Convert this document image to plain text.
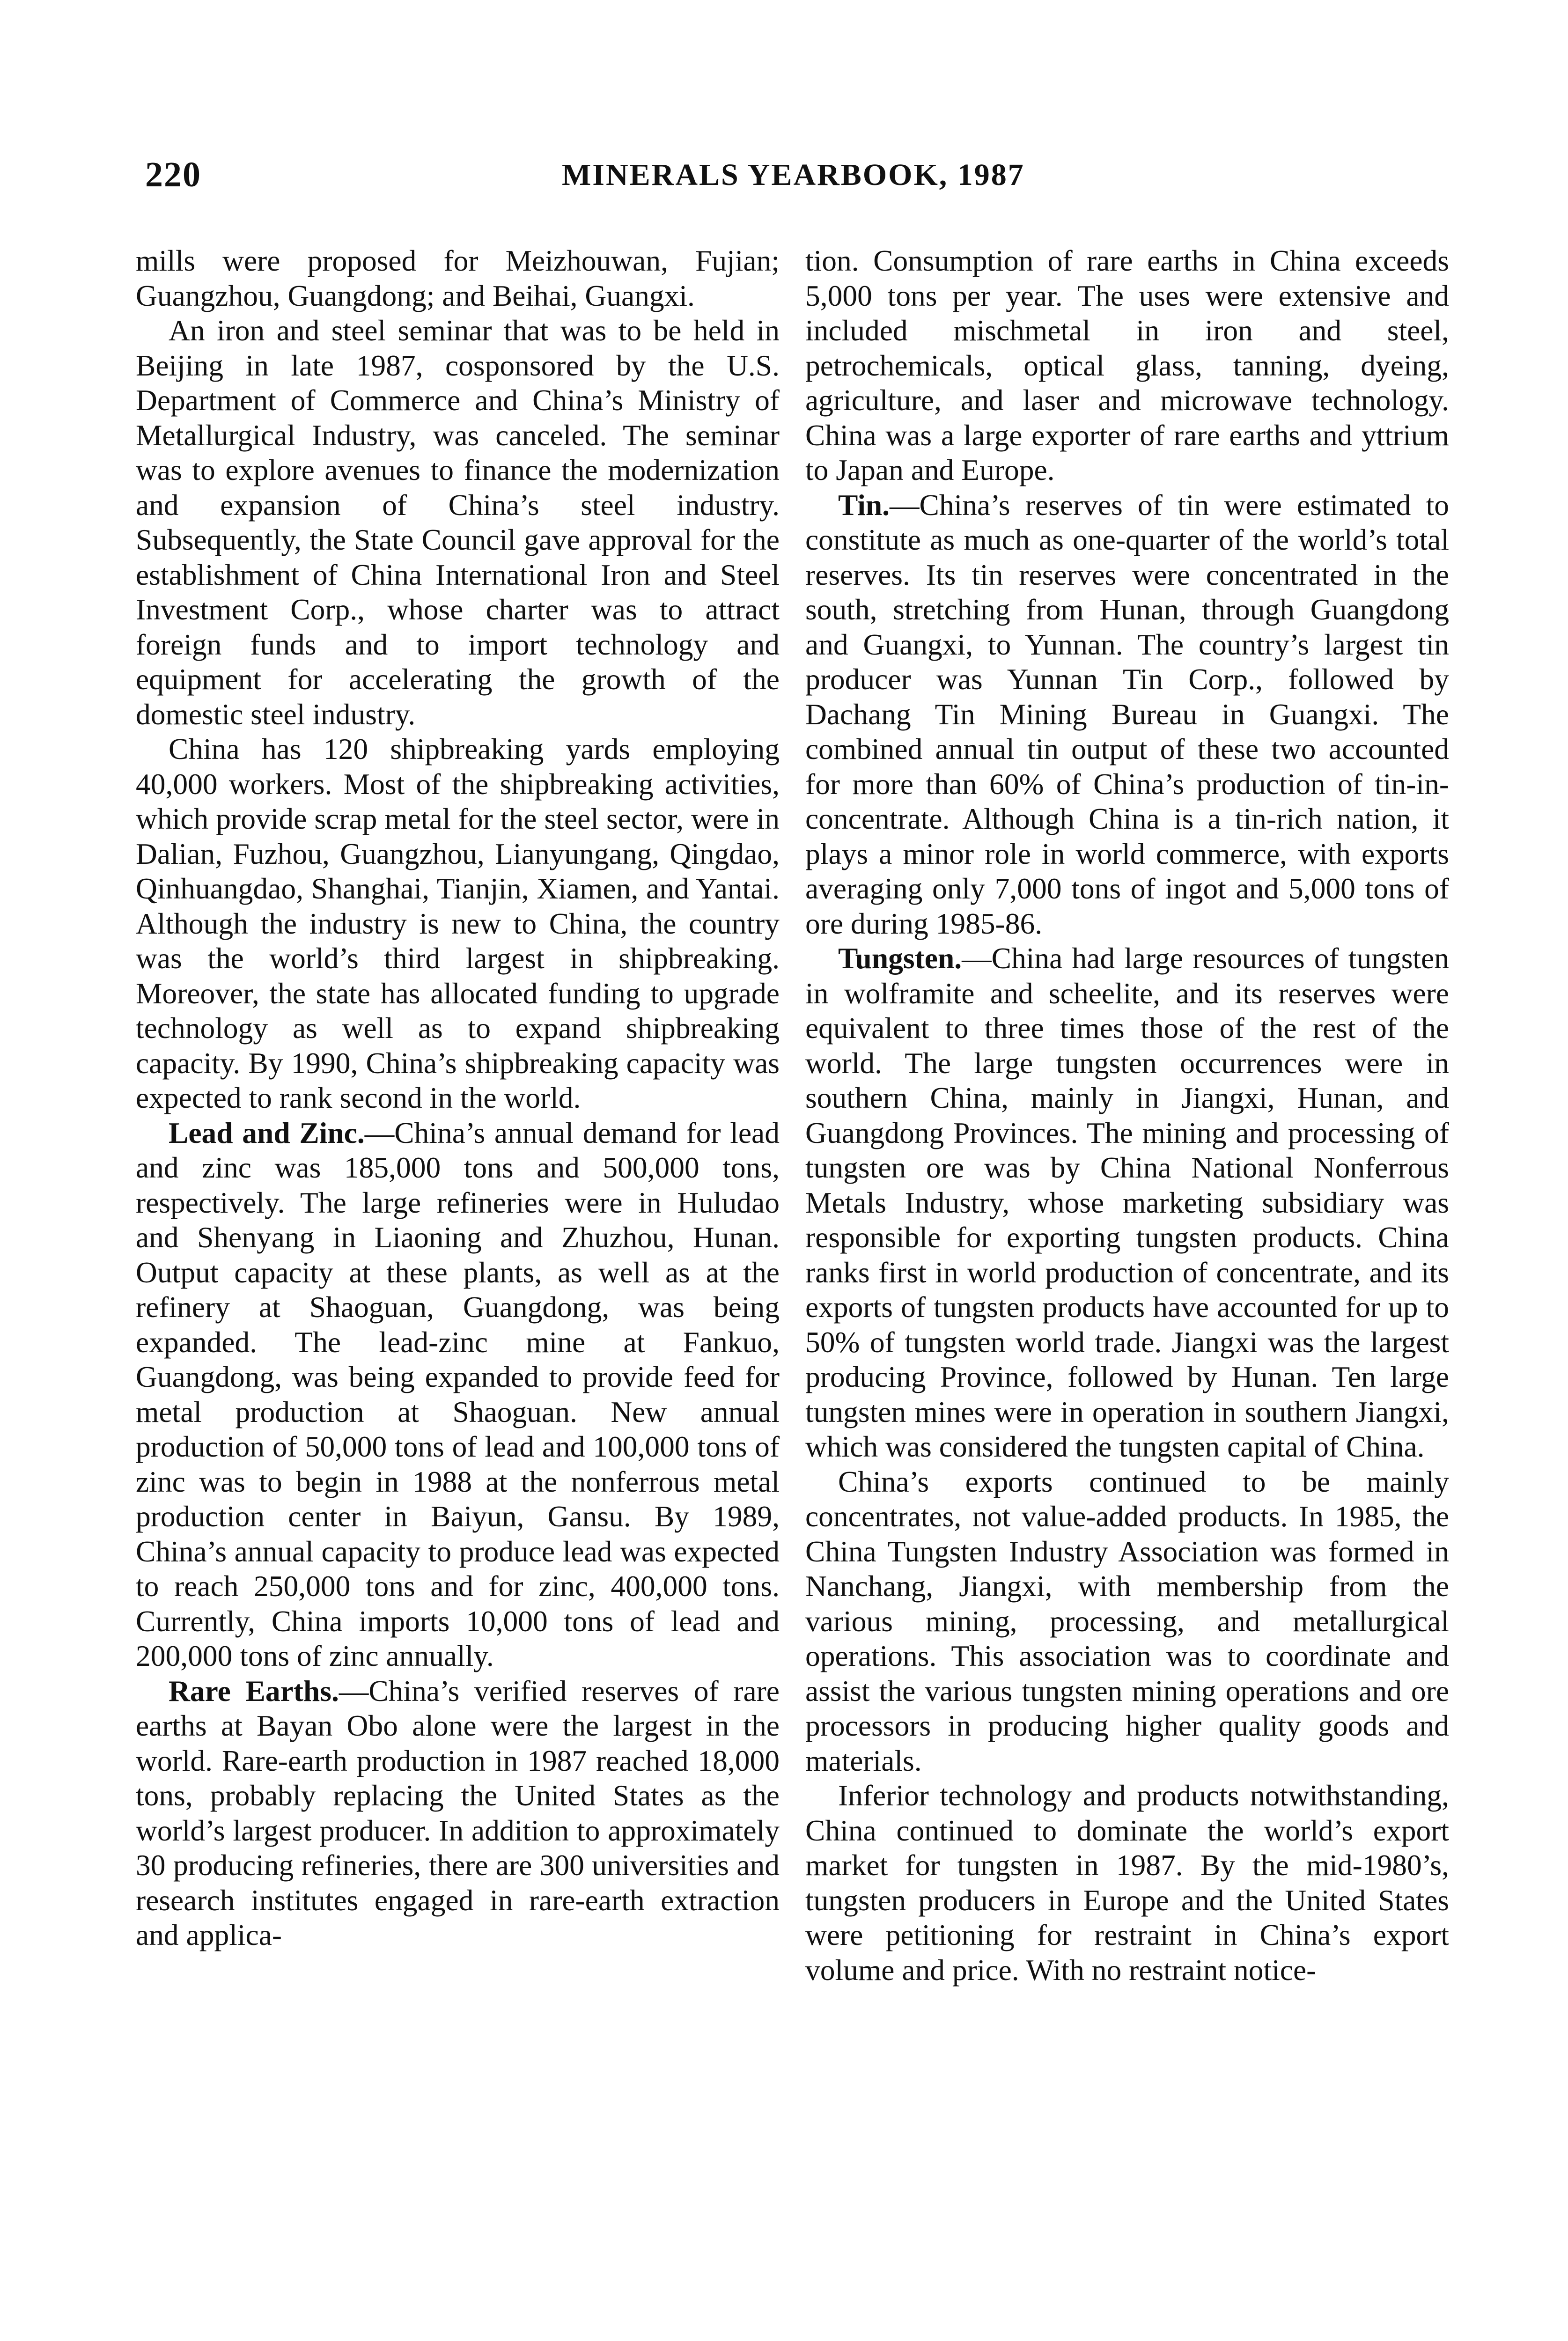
220	MINERALS YEARBOOK, 1987

mills were proposed for Meizhouwan, Fujian; Guangzhou, Guangdong; and Beihai, Guangxi.

An iron and steel seminar that was to be held in Beijing in late 1987, cosponsored by the U.S. Department of Commerce and China’s Ministry of Metallurgical Industry, was canceled. The seminar was to explore avenues to finance the modernization and expansion of China’s steel industry. Subsequently, the State Council gave approval for the establishment of China International Iron and Steel Investment Corp., whose charter was to attract foreign funds and to import technology and equipment for accelerating the growth of the domestic steel industry.

China has 120 shipbreaking yards employing 40,000 workers. Most of the shipbreaking activities, which provide scrap metal for the steel sector, were in Dalian, Fuzhou, Guangzhou, Lianyungang, Qingdao, Qinhuangdao, Shanghai, Tianjin, Xiamen, and Yantai. Although the industry is new to China, the country was the world’s third largest in shipbreaking. Moreover, the state has allocated funding to upgrade technology as well as to expand shipbreaking capacity. By 1990, China’s shipbreaking capacity was expected to rank second in the world.

Lead and Zinc.—China’s annual demand for lead and zinc was 185,000 tons and 500,000 tons, respectively. The large refineries were in Huludao and Shenyang in Liaoning and Zhuzhou, Hunan. Output capacity at these plants, as well as at the refinery at Shaoguan, Guangdong, was being expanded. The lead-zinc mine at Fankuo, Guangdong, was being expanded to provide feed for metal production at Shaoguan. New annual production of 50,000 tons of lead and 100,000 tons of zinc was to begin in 1988 at the nonferrous metal production center in Baiyun, Gansu. By 1989, China’s annual capacity to produce lead was expected to reach 250,000 tons and for zinc, 400,000 tons. Currently, China imports 10,000 tons of lead and 200,000 tons of zinc annually.

Rare Earths.—China’s verified reserves of rare earths at Bayan Obo alone were the largest in the world. Rare-earth production in 1987 reached 18,000 tons, probably replacing the United States as the world’s largest producer. In addition to approximately 30 producing refineries, there are 300 universities and research institutes engaged in rare-earth extraction and applica-

tion. Consumption of rare earths in China exceeds 5,000 tons per year. The uses were extensive and included mischmetal in iron and steel, petrochemicals, optical glass, tanning, dyeing, agriculture, and laser and microwave technology. China was a large exporter of rare earths and yttrium to Japan and Europe.

Tin.—China’s reserves of tin were estimated to constitute as much as one-quarter of the world’s total reserves. Its tin reserves were concentrated in the south, stretching from Hunan, through Guangdong and Guangxi, to Yunnan. The country’s largest tin producer was Yunnan Tin Corp., followed by Dachang Tin Mining Bureau in Guangxi. The combined annual tin output of these two accounted for more than 60% of China’s production of tin-in-concentrate. Although China is a tin-rich nation, it plays a minor role in world commerce, with exports averaging only 7,000 tons of ingot and 5,000 tons of ore during 1985-86.

Tungsten.—China had large resources of tungsten in wolframite and scheelite, and its reserves were equivalent to three times those of the rest of the world. The large tungsten occurrences were in southern China, mainly in Jiangxi, Hunan, and Guangdong Provinces. The mining and processing of tungsten ore was by China National Nonferrous Metals Industry, whose marketing subsidiary was responsible for exporting tungsten products. China ranks first in world production of concentrate, and its exports of tungsten products have accounted for up to 50% of tungsten world trade. Jiangxi was the largest producing Province, followed by Hunan. Ten large tungsten mines were in operation in southern Jiangxi, which was considered the tungsten capital of China.

China’s exports continued to be mainly concentrates, not value-added products. In 1985, the China Tungsten Industry Association was formed in Nanchang, Jiangxi, with membership from the various mining, processing, and metallurgical operations. This association was to coordinate and assist the various tungsten mining operations and ore processors in producing higher quality goods and materials.

Inferior technology and products notwithstanding, China continued to dominate the world’s export market for tungsten in 1987. By the mid-1980’s, tungsten producers in Europe and the United States were petitioning for restraint in China’s export volume and price. With no restraint notice-
